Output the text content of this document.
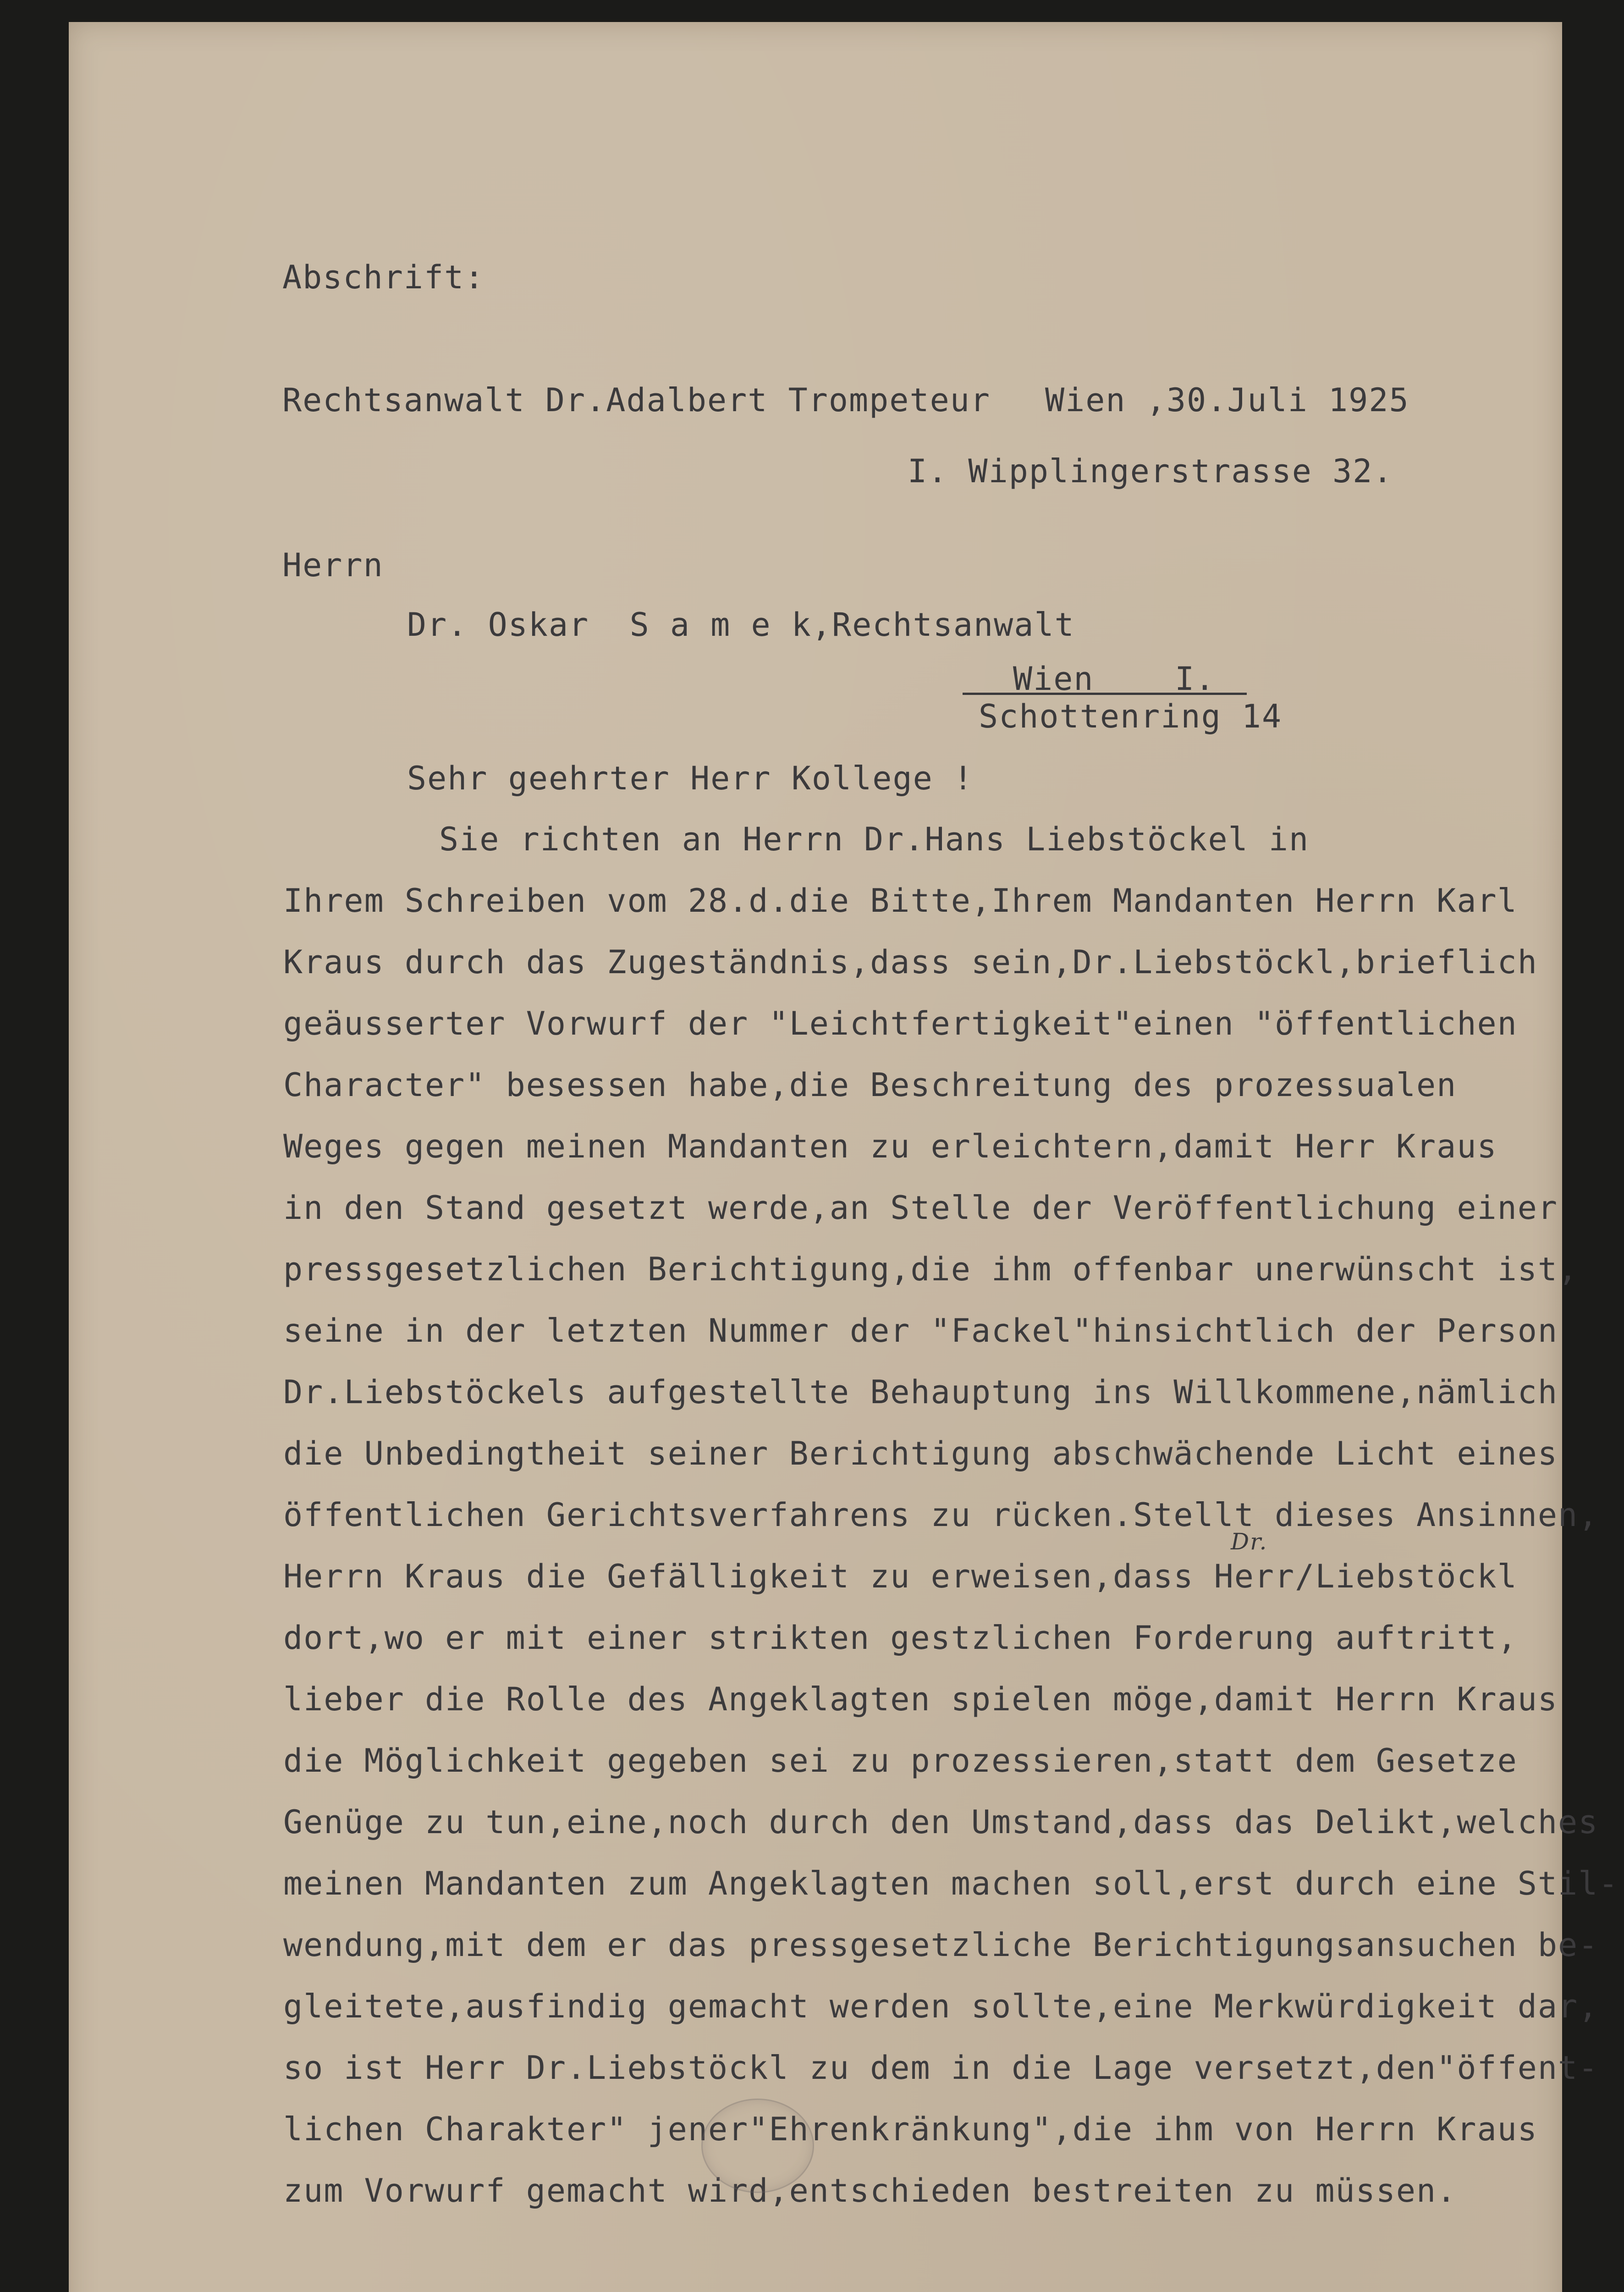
Abschrift:
Rechtsanwalt Dr.Adalbert Trompeteur Wien ,30.Juli 1925
I. Wipplingerstrasse 32.
Herrn
Dr. Oskar  S a m e k,Rechtsanwalt
Wien    I.
Schottenring 14
Sehr geehrter Herr Kollege !
Sie richten an Herrn Dr.Hans Liebstöckel in
Ihrem Schreiben vom 28.d.die Bitte,Ihrem Mandanten Herrn Karl
Kraus durch das Zugeständnis,dass sein,Dr.Liebstöckl,brieflich
geäusserter Vorwurf der "Leichtfertigkeit"einen "öffentlichen
Character" besessen habe,die Beschreitung des prozessualen
Weges gegen meinen Mandanten zu erleichtern,damit Herr Kraus
in den Stand gesetzt werde,an Stelle der Veröffentlichung einer
pressgesetzlichen Berichtigung,die ihm offenbar unerwünscht ist,
seine in der letzten Nummer der "Fackel"hinsichtlich der Person
Dr.Liebstöckels aufgestellte Behauptung ins Willkommene,nämlich
die Unbedingtheit seiner Berichtigung abschwächende Licht eines
öffentlichen Gerichtsverfahrens zu rücken.Stellt dieses Ansinnen,
Dr.
Herrn Kraus die Gefälligkeit zu erweisen,dass Herr/Liebstöckl
dort,wo er mit einer strikten gestzlichen Forderung auftritt,
lieber die Rolle des Angeklagten spielen möge,damit Herrn Kraus
die Möglichkeit gegeben sei zu prozessieren,statt dem Gesetze
Genüge zu tun,eine,noch durch den Umstand,dass das Delikt,welches
meinen Mandanten zum Angeklagten machen soll,erst durch eine Stil-
wendung,mit dem er das pressgesetzliche Berichtigungsansuchen be-
gleitete,ausfindig gemacht werden sollte,eine Merkwürdigkeit dar,
so ist Herr Dr.Liebstöckl zu dem in die Lage versetzt,den"öffent-
lichen Charakter" jener"Ehrenkränkung",die ihm von Herrn Kraus
zum Vorwurf gemacht wird,entschieden bestreiten zu müssen.
